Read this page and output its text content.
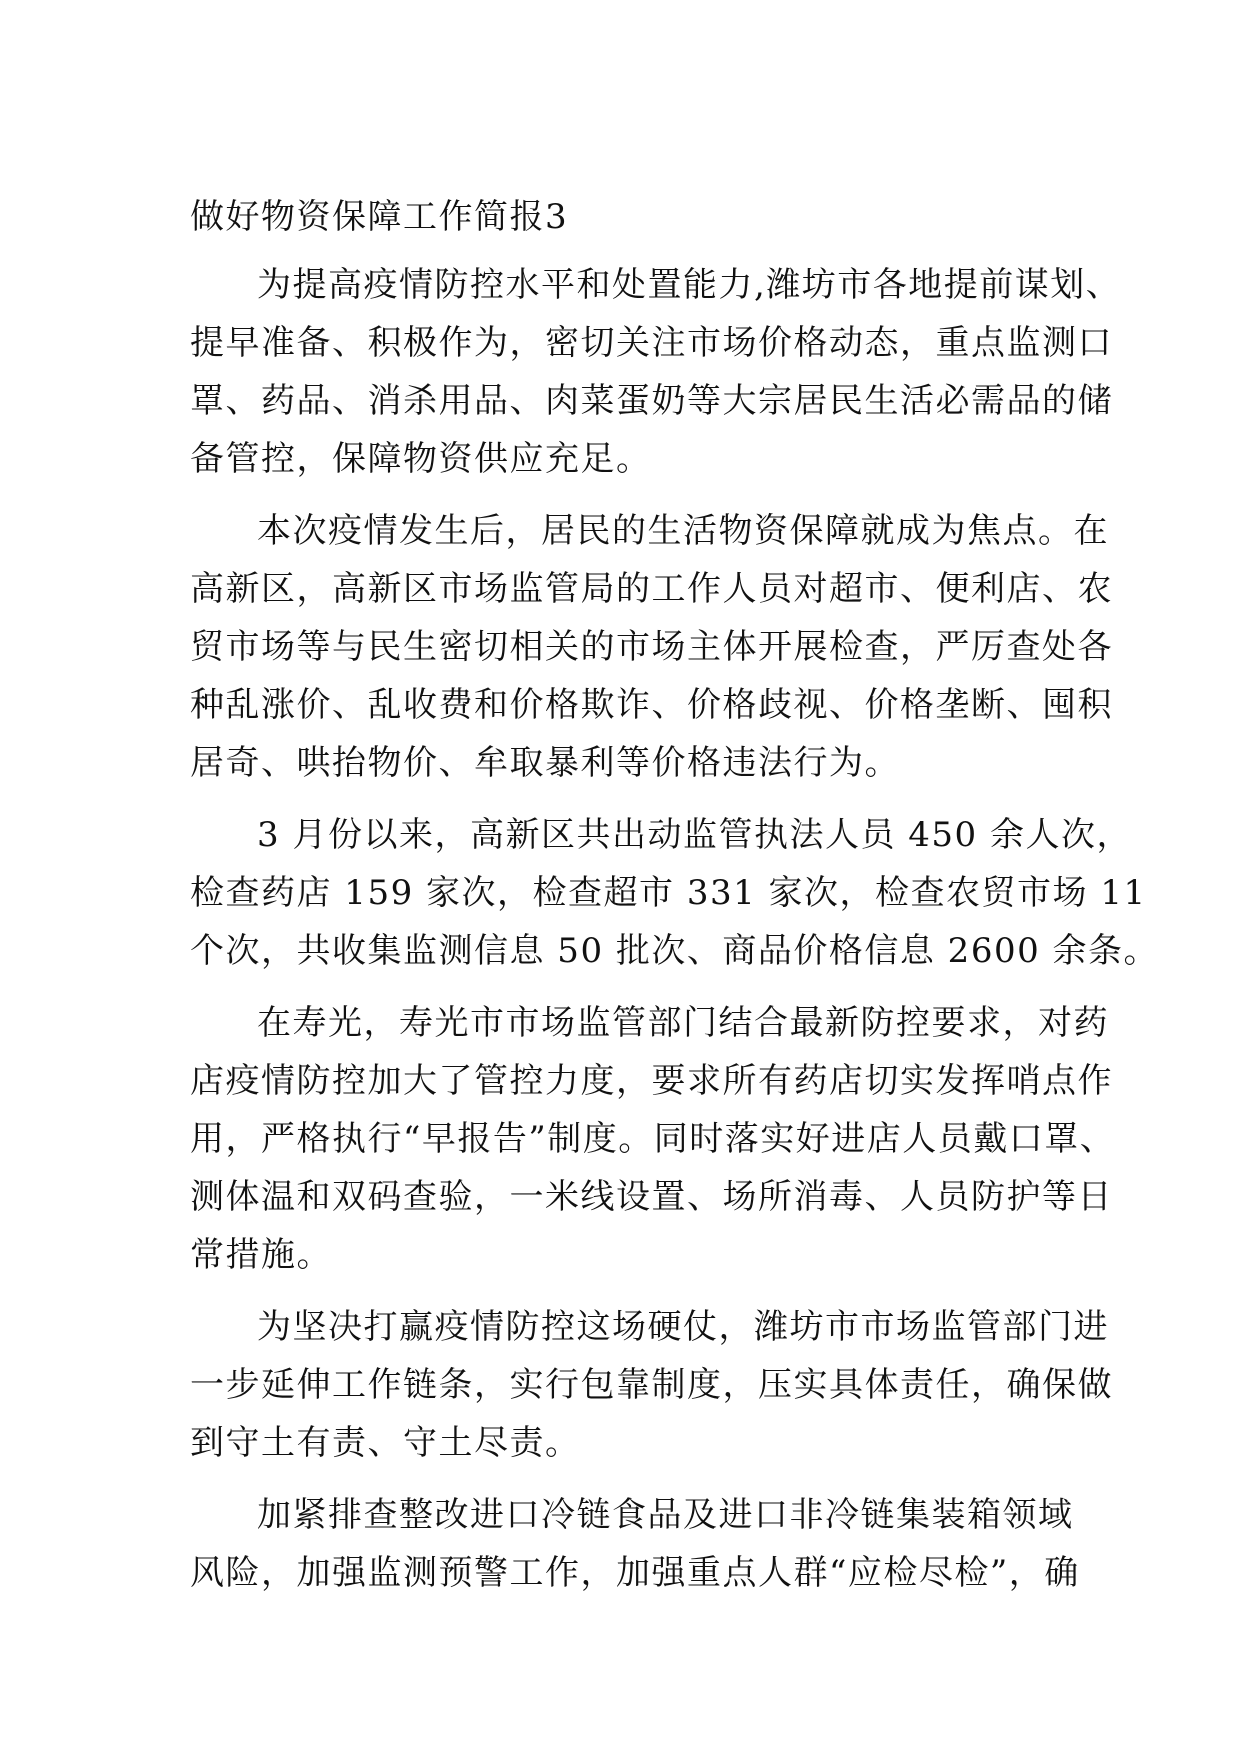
做好物资保障工作简报3
为提高疫情防控水平和处置能力,潍坊市各地提前谋划、
提早准备、积极作为，密切关注市场价格动态，重点监测口
罩、药品、消杀用品、肉菜蛋奶等大宗居民生活必需品的储
备管控，保障物资供应充足。
本次疫情发生后，居民的生活物资保障就成为焦点。在
高新区，高新区市场监管局的工作人员对超市、便利店、农
贸市场等与民生密切相关的市场主体开展检查，严厉查处各
种乱涨价、乱收费和价格欺诈、价格歧视、价格垄断、囤积
居奇、哄抬物价、牟取暴利等价格违法行为。
3 月份以来，高新区共出动监管执法人员 450 余人次，
检查药店 159 家次，检查超市 331 家次，检查农贸市场 11
个次，共收集监测信息 50 批次、商品价格信息 2600 余条。
在寿光，寿光市市场监管部门结合最新防控要求，对药
店疫情防控加大了管控力度，要求所有药店切实发挥哨点作
用，严格执行“早报告”制度。同时落实好进店人员戴口罩、
测体温和双码查验，一米线设置、场所消毒、人员防护等日
常措施。
为坚决打赢疫情防控这场硬仗，潍坊市市场监管部门进
一步延伸工作链条，实行包靠制度，压实具体责任，确保做
到守土有责、守土尽责。
加紧排查整改进口冷链食品及进口非冷链集装箱领域
风险，加强监测预警工作，加强重点人群“应检尽检”，确
